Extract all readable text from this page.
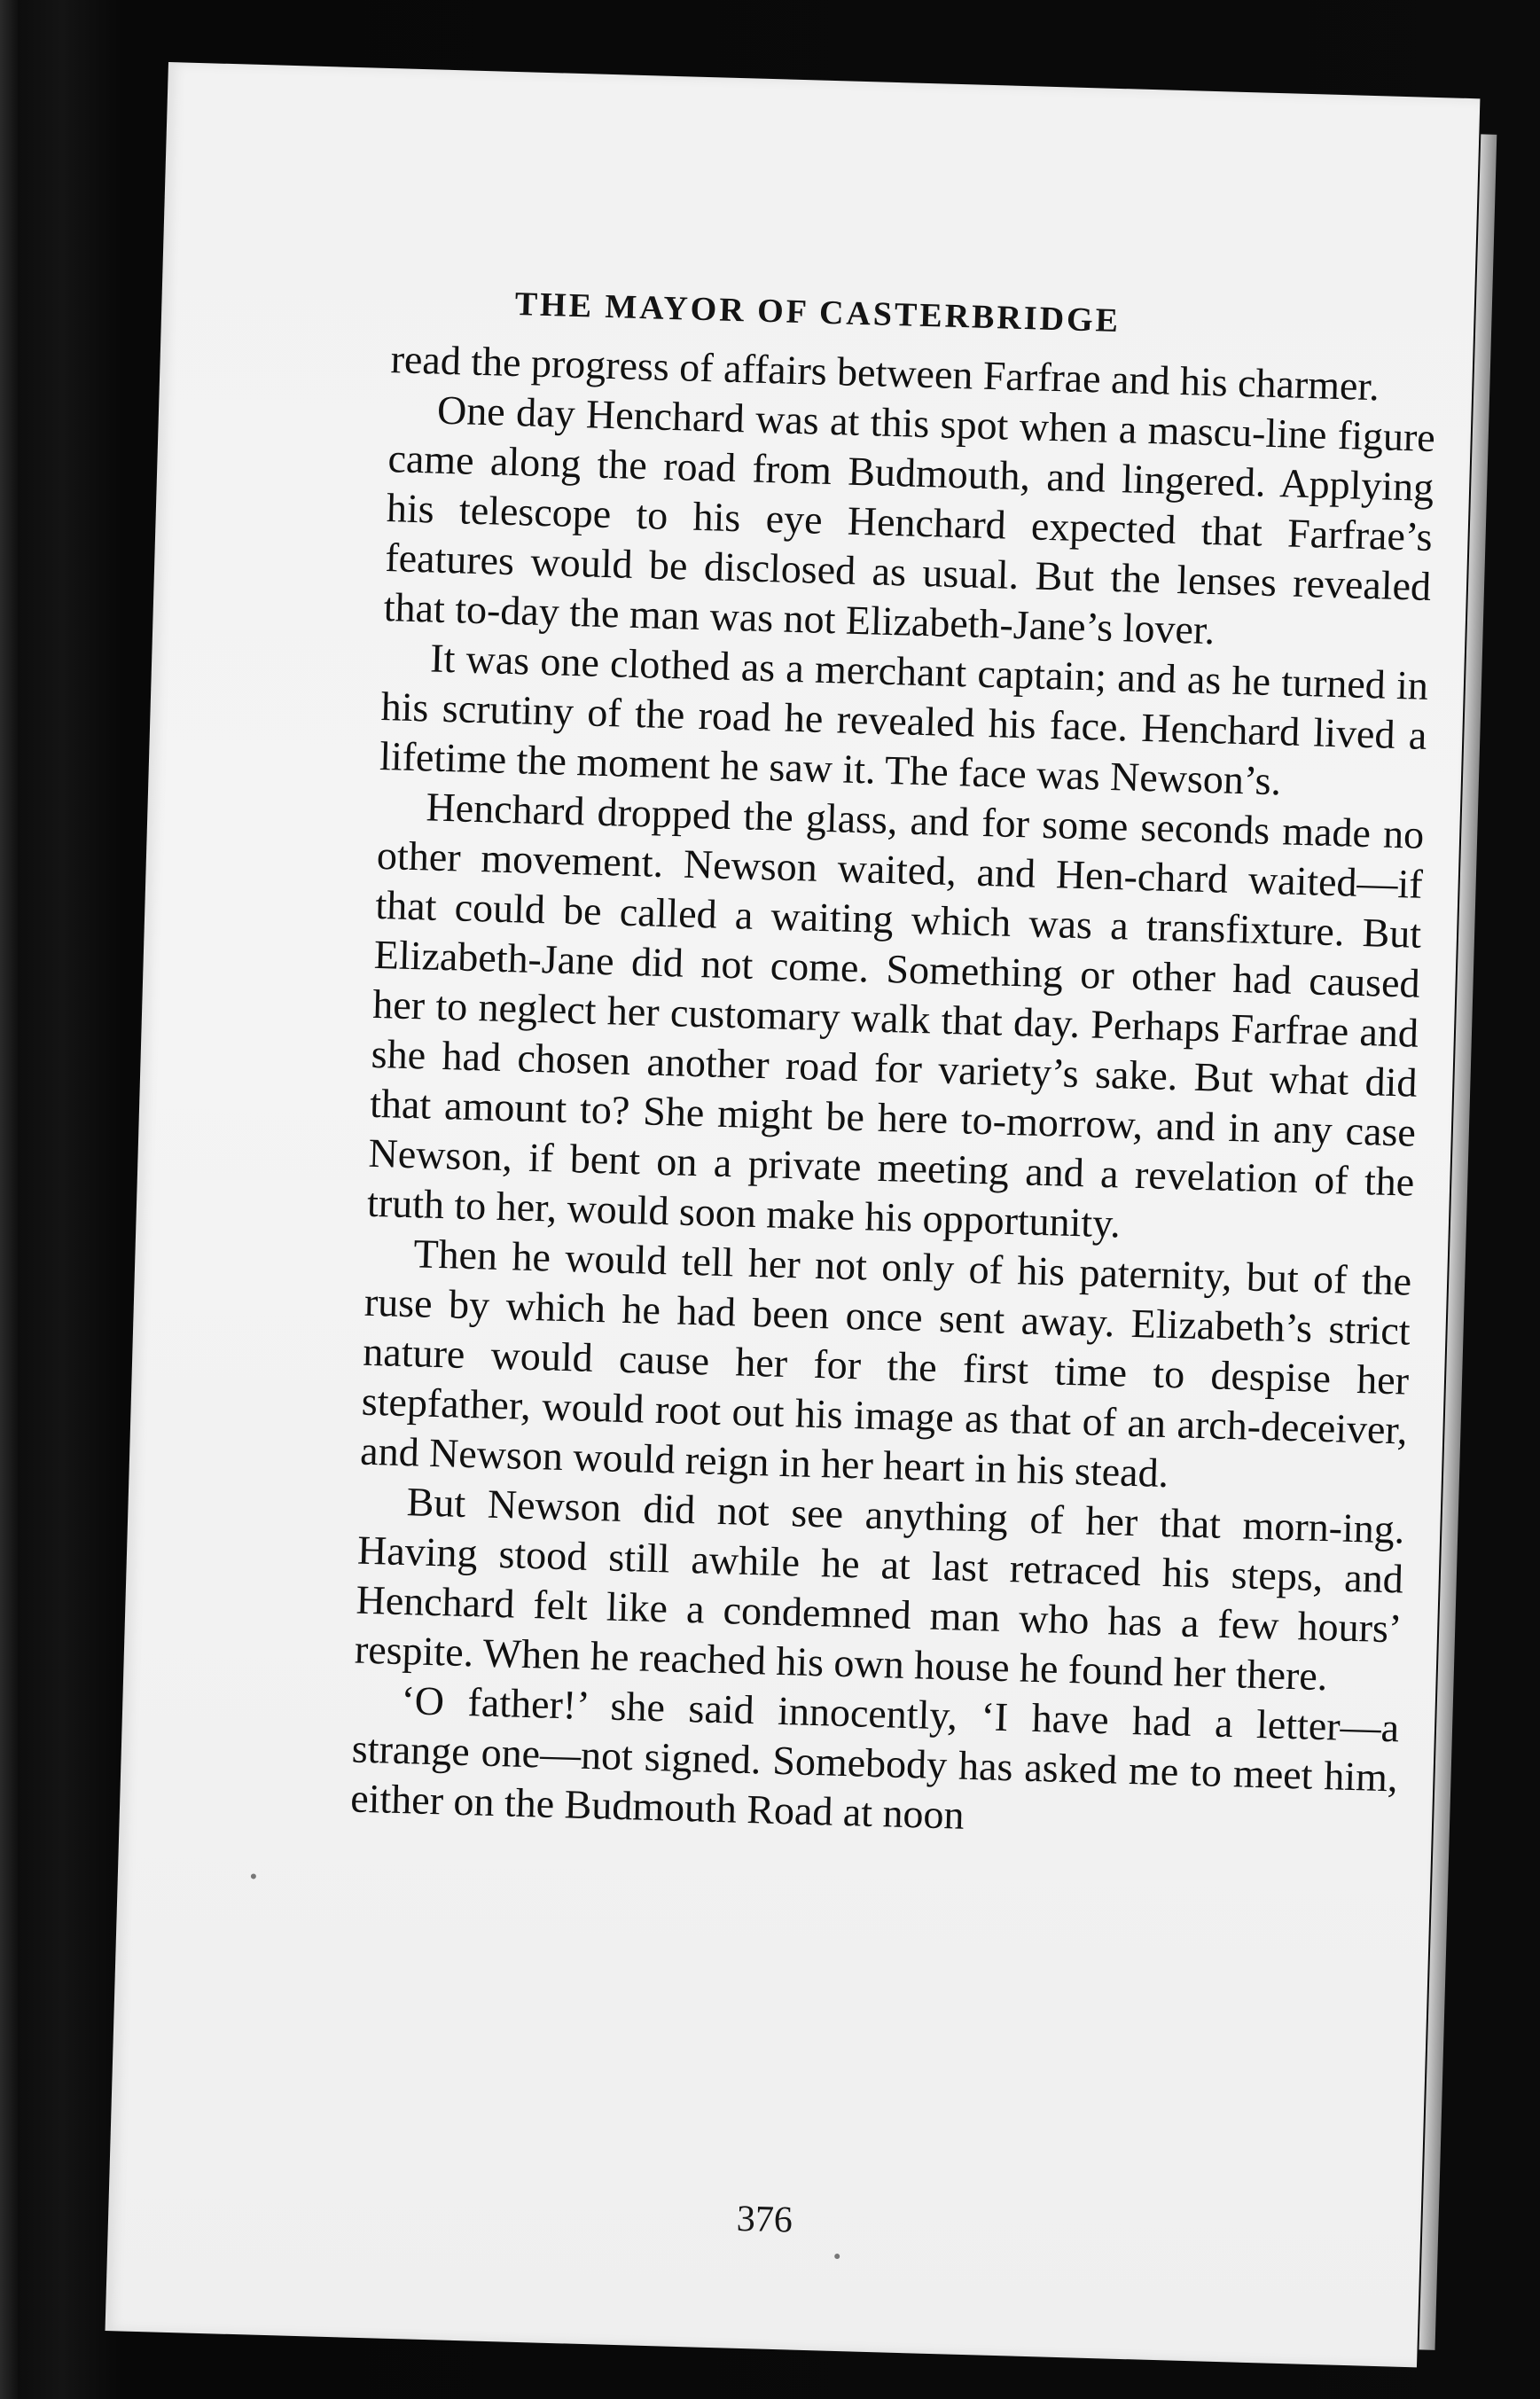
THE MAYOR OF CASTERBRIDGE

read the progress of affairs between Farfrae and his charmer.

One day Henchard was at this spot when a mascu-line figure came along the road from Budmouth, and lingered. Applying his telescope to his eye Henchard expected that Farfrae’s features would be disclosed as usual. But the lenses revealed that to-day the man was not Elizabeth-Jane’s lover.

It was one clothed as a merchant captain; and as he turned in his scrutiny of the road he revealed his face. Henchard lived a lifetime the moment he saw it. The face was Newson’s.

Henchard dropped the glass, and for some seconds made no other movement. Newson waited, and Hen-chard waited—if that could be called a waiting which was a transfixture. But Elizabeth-Jane did not come. Something or other had caused her to neglect her customary walk that day. Perhaps Farfrae and she had chosen another road for variety’s sake. But what did that amount to? She might be here to-morrow, and in any case Newson, if bent on a private meeting and a revelation of the truth to her, would soon make his opportunity.

Then he would tell her not only of his paternity, but of the ruse by which he had been once sent away. Elizabeth’s strict nature would cause her for the first time to despise her stepfather, would root out his image as that of an arch-deceiver, and Newson would reign in her heart in his stead.

But Newson did not see anything of her that morn-ing. Having stood still awhile he at last retraced his steps, and Henchard felt like a condemned man who has a few hours’ respite. When he reached his own house he found her there.

‘O father!’ she said innocently, ‘I have had a letter—a strange one—not signed. Somebody has asked me to meet him, either on the Budmouth Road at noon

376
